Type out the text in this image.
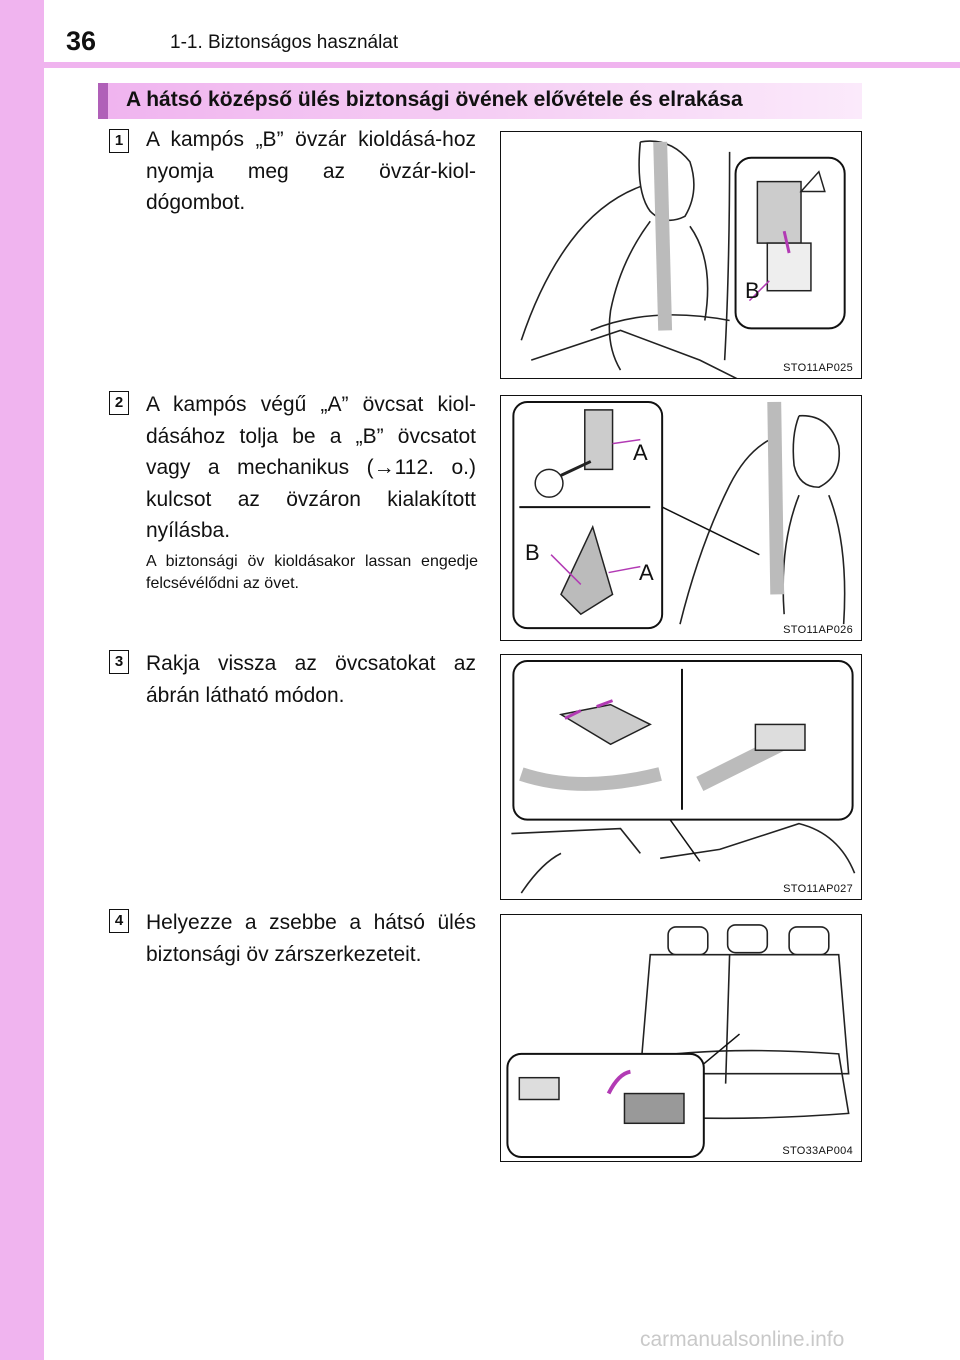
36	1-1. Biztonságos használat
A hátsó középső ülés biztonsági övének elővétele és elrakása
1 A kampós „B” övzár kioldásá-hoz nyomja meg az övzár-kiol-dógombot.
B
STO11AP025
2 A kampós végű „A” övcsat kiol-dásához tolja be a „B” övcsatot vagy a mechanikus (→112. o.) kulcsot az övzáron kialakított nyílásba.
A biztonsági öv kioldásakor lassan engedje felcsévélődni az övet.
A
B
A
STO11AP026
3 Rakja vissza az övcsatokat az ábrán látható módon.
STO11AP027
4 Helyezze a zsebbe a hátsó ülés biztonsági öv zárszerkezeteit.
STO33AP004
carmanualsonline.info
